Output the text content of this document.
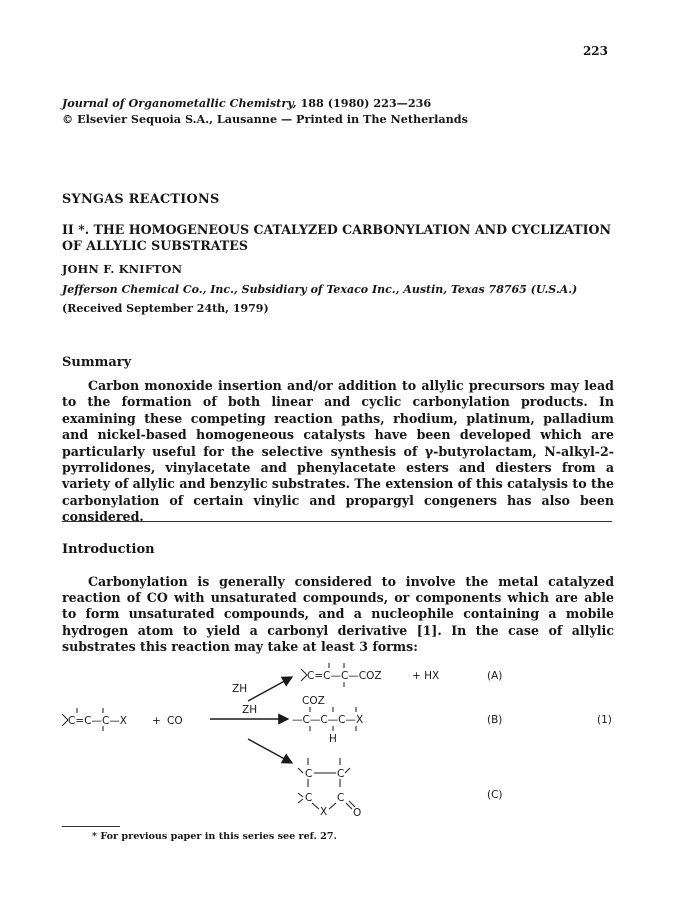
223
Journal of Organometallic Chemistry, 188 (1980) 223—236
© Elsevier Sequoia S.A., Lausanne — Printed in The Netherlands
SYNGAS REACTIONS
II *. THE HOMOGENEOUS CATALYZED CARBONYLATION AND CYCLIZATION OF ALLYLIC SUBSTRATES
JOHN F. KNIFTON
Jefferson Chemical Co., Inc., Subsidiary of Texaco Inc., Austin, Texas 78765 (U.S.A.)
(Received September 24th, 1979)
Summary

Carbon monoxide insertion and/or addition to allylic precursors may lead to the formation of both linear and cyclic carbonylation products. In examining these competing reaction paths, rhodium, platinum, palladium and nickel-based homogeneous catalysts have been developed which are particularly useful for the selective synthesis of γ-butyrolactam, N-alkyl-2-pyrrolidones, vinylacetate and phenylacetate esters and diesters from a variety of allylic and benzylic substrates. The extension of this catalysis to the carbonylation of certain vinylic and propargyl congeners has also been considered.

Introduction

Carbonylation is generally considered to involve the metal catalyzed reaction of CO with unsaturated compounds, or components which are able to form unsaturated compounds, and a nucleophile containing a mobile hydrogen atom to yield a carbonyl derivative [1]. In the case of allylic substrates this reaction may take at least 3 forms:

C=C—C—X + CO
ZH
ZH
C=C—C—COZ	+ HX	(A)
COZ
—C—C—C—X
H
(B)	(1)
C C
C C
X O
(C)
* For previous paper in this series see ref. 27.
